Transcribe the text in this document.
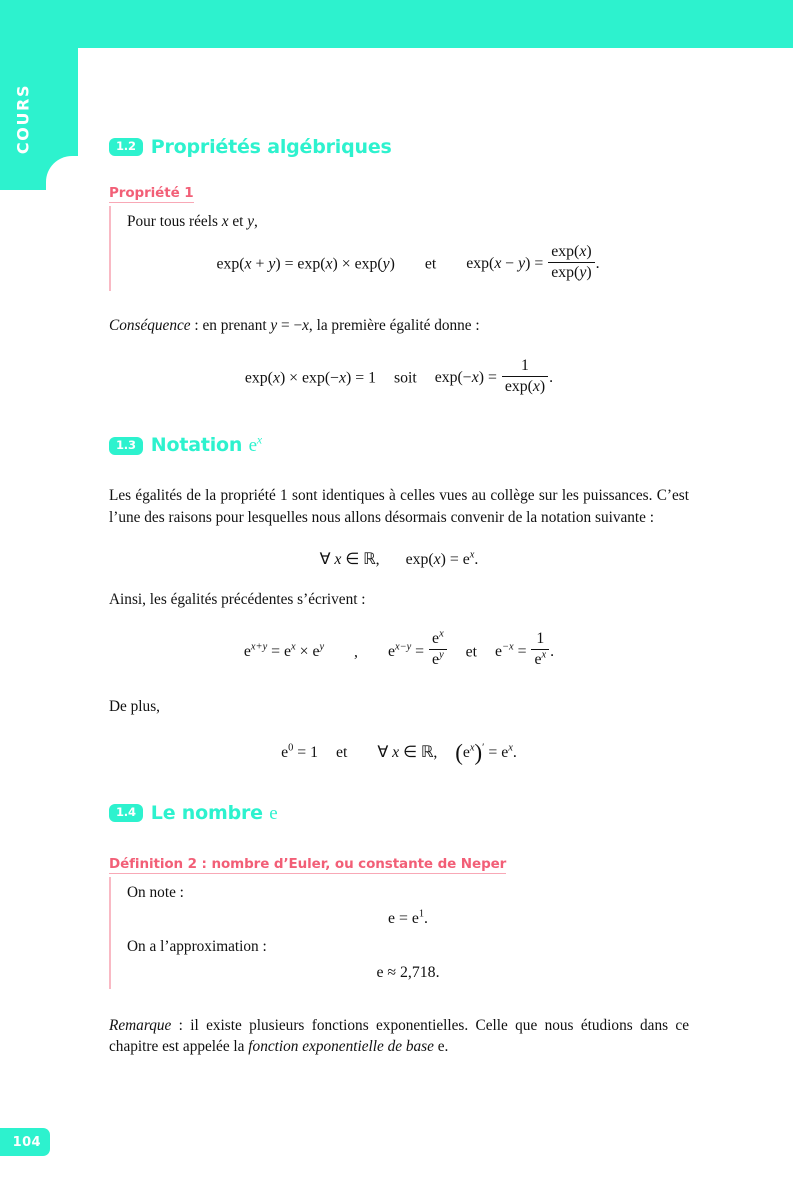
COURS
104
1.2 Propriétés algébriques
Propriété 1
Pour tous réels x et y,
exp(x + y) = exp(x) × exp(y) et $\exp(x - y) = \frac{\exp(x)}{\exp(y)}$ .
Conséquence : en prenant y = −x, la première égalité donne :
exp(x) × exp(−x) = 1 soit $\exp(-x) = \frac{1}{\exp(x)}$ .
1.3 Notation $e^x$
Les égalités de la propriété 1 sont identiques à celles vues au collège sur les puissances. C’est l’une des raisons pour lesquelles nous allons désormais convenir de la notation suivante :
∀ x ∈ ℝ, $\exp(x) = e^x$.
Ainsi, les égalités précédentes s’écrivent :
$e^{x+y} = e^x \times e^y$ , $e^{x-y} = \frac{e^x}{e^y}$ et $e^{-x} = \frac{1}{e^x}$ .
De plus,
$e^0 = 1$ et ∀ x ∈ ℝ, $(e^x)' = e^x$.
1.4 Le nombre e
Définition 2 : nombre d’Euler, ou constante de Neper
On note :
$e = e^1$.
On a l’approximation :
e ≈ 2,718.
Remarque : il existe plusieurs fonctions exponentielles. Celle que nous étudions dans ce chapitre est appelée la fonction exponentielle de base e.
